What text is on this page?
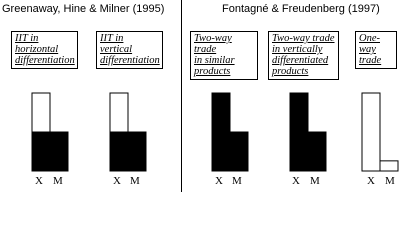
Greenaway, Hine & Milner (1995)	Fontagné & Freudenberg (1997)
IIT in
horizontal
differentiation
IIT in
vertical
differentiation
Two-way trade
in similar
products
Two-way trade
in vertically
differentiated
products
One-way
trade
X M	X M	X M	X M	X M
